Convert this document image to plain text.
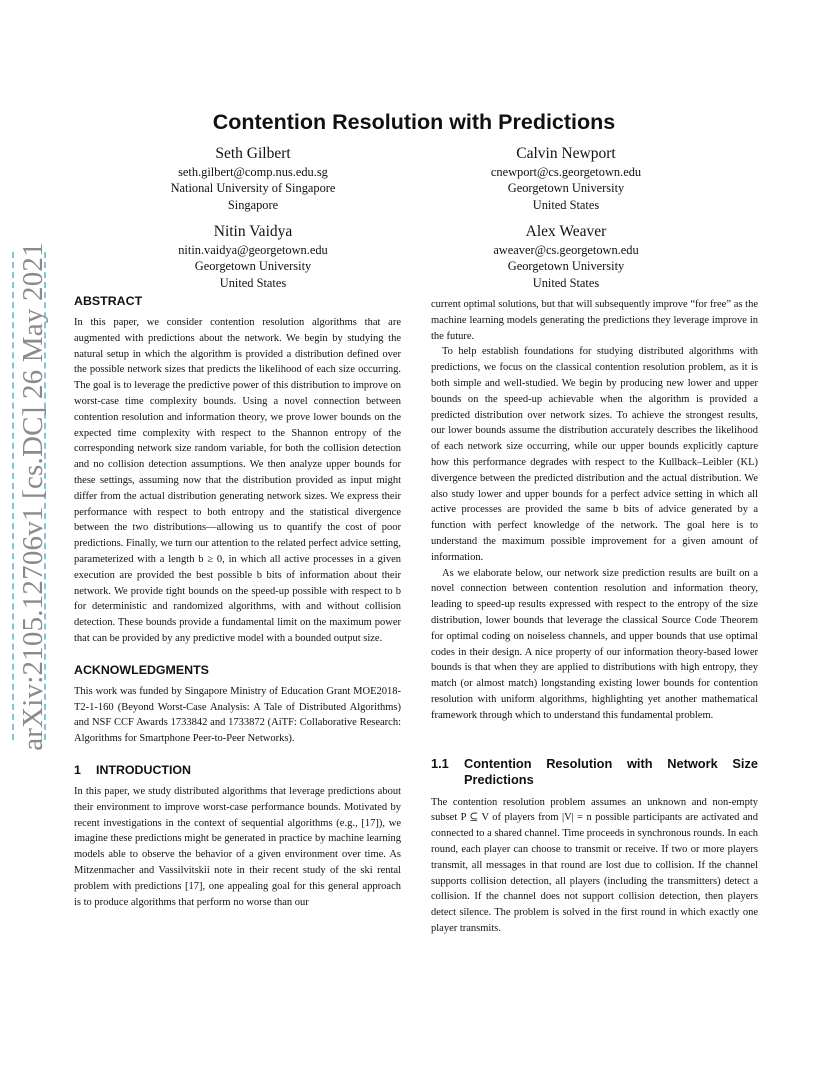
arXiv:2105.12706v1 [cs.DC] 26 May 2021
Contention Resolution with Predictions
Seth Gilbert
seth.gilbert@comp.nus.edu.sg
National University of Singapore
Singapore
Calvin Newport
cnewport@cs.georgetown.edu
Georgetown University
United States
Nitin Vaidya
nitin.vaidya@georgetown.edu
Georgetown University
United States
Alex Weaver
aweaver@cs.georgetown.edu
Georgetown University
United States
ABSTRACT

In this paper, we consider contention resolution algorithms that are augmented with predictions about the network. We begin by studying the natural setup in which the algorithm is provided a distribution defined over the possible network sizes that predicts the likelihood of each size occurring. The goal is to leverage the predictive power of this distribution to improve on worst-case time complexity bounds. Using a novel connection between contention resolution and information theory, we prove lower bounds on the expected time complexity with respect to the Shannon entropy of the corresponding network size random variable, for both the collision detection and no collision detection assumptions. We then analyze upper bounds for these settings, assuming now that the distribution provided as input might differ from the actual distribution generating network sizes. We express their performance with respect to both entropy and the statistical divergence between the two distributions—allowing us to quantify the cost of poor predictions. Finally, we turn our attention to the related perfect advice setting, parameterized with a length b ≥ 0, in which all active processes in a given execution are provided the best possible b bits of information about their network. We provide tight bounds on the speed-up possible with respect to b for deterministic and randomized algorithms, with and without collision detection. These bounds provide a fundamental limit on the maximum power that can be provided by any predictive model with a bounded output size.

ACKNOWLEDGMENTS

This work was funded by Singapore Ministry of Education Grant MOE2018-T2-1-160 (Beyond Worst-Case Analysis: A Tale of Distributed Algorithms) and NSF CCF Awards 1733842 and 1733872 (AiTF: Collaborative Research: Algorithms for Smartphone Peer-to-Peer Networks).

1 INTRODUCTION

In this paper, we study distributed algorithms that leverage predictions about their environment to improve worst-case performance bounds. Motivated by recent investigations in the context of sequential algorithms (e.g., [17]), we imagine these predictions might be generated in practice by machine learning models able to observe the behavior of a given environment over time. As Mitzenmacher and Vassilvitskii note in their recent study of the ski rental problem with predictions [17], one appealing goal for this general approach is to produce algorithms that perform no worse than our

current optimal solutions, but that will subsequently improve “for free” as the machine learning models generating the predictions they leverage improve in the future.

To help establish foundations for studying distributed algorithms with predictions, we focus on the classical contention resolution problem, as it is both simple and well-studied. We begin by producing new lower and upper bounds on the speed-up achievable when the algorithm is provided a predicted distribution over network sizes. To achieve the strongest results, our lower bounds assume the distribution accurately describes the likelihood of each network size occurring, while our upper bounds explicitly capture how this performance degrades with respect to the Kullback–Leibler (KL) divergence between the predicted distribution and the actual distribution. We also study lower and upper bounds for a perfect advice setting in which all active processes are provided the same b bits of advice generated by a function with perfect knowledge of the network. The goal here is to understand the maximum possible improvement for a given amount of information.

As we elaborate below, our network size prediction results are built on a novel connection between contention resolution and information theory, leading to speed-up results expressed with respect to the entropy of the size distribution, lower bounds that leverage the classical Source Code Theorem for optimal coding on noiseless channels, and upper bounds that use optimal codes in their design. A nice property of our information theory-based lower bounds is that when they are applied to distributions with high entropy, they match (or almost match) longstanding existing lower bounds for contention resolution with uniform algorithms, highlighting yet another mathematical framework through which to understand this fundamental problem.

1.1	Contention Resolution with Network Size Predictions

The contention resolution problem assumes an unknown and non-empty subset P ⊆ V of players from |V| = n possible participants are activated and connected to a shared channel. Time proceeds in synchronous rounds. In each round, each player can choose to transmit or receive. If two or more players transmit, all messages in that round are lost due to collision. If the channel supports collision detection, all players (including the transmitters) detect a collision. If the channel does not support collision detection, then players detect silence. The problem is solved in the first round in which exactly one player transmits.
